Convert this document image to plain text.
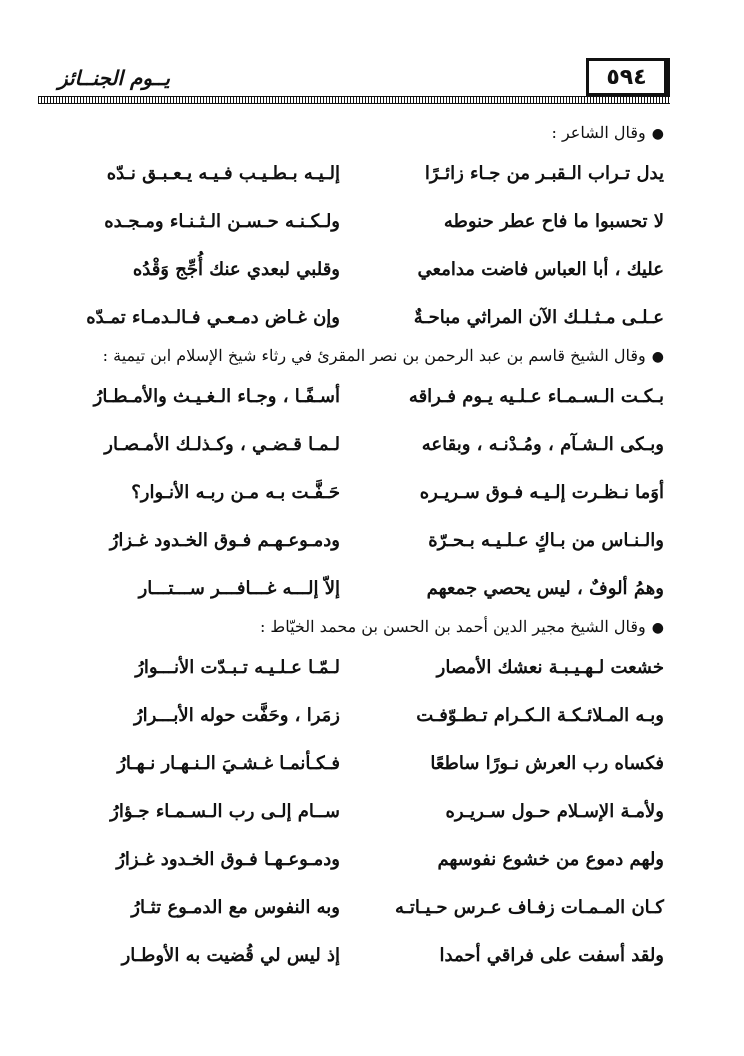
يــوم الجنــائز	٥٩٤

●وقال الشاعر :

يدل تـراب الـقبـر من جـاء زائـرًا
إلـيـه بـطـيـب فـيـه يـعـبـق نـدّه
لا تحسبوا ما فاح عطر حنوطه
ولـكـنـه حـسـن الـثـنـاء ومـجـده
عليك ، أبا العباس فاضت مدامعي
وقلبي لبعدي عنك أُجِّج وَقْدُه
عـلـى مـثـلـك الآن المراثي مباحـةٌ
وإن غـاض دمـعـي فـالـدمـاء تمـدّه

●وقال الشيخ قاسم بن عبد الرحمن بن نصر المقرئ في رثاء شيخ الإسلام ابن تيمية :

بـكـت الـسـمـاء عـلـيه يـوم فـراقه
أسـفًـا ، وجـاء الـغـيـث والأمـطـارُ
وبـكى الـشـآم ، ومُـدْنـه ، وبقاعه
لـمـا قـضـي ، وكـذلـك الأمـصـار
أوَما نـظـرت إلـيـه فـوق سـريـره
حَـفَّـت بـه مـن ربـه الأنـوار؟
والـنـاس من بـاكٍ عـلـيـه بـحـرّة
ودمـوعـهـم فـوق الخـدود غـزارُ
وهمُ ألوفٌ ، ليس يحصي جمعهم
إلاّ إلـــه غـــافـــر ســـتـــار

●وقال الشيخ مجير الدين أحمد بن الحسن بن محمد الخيّاط :

خشعت لـهـيـبـة نعشك الأمصار
لـمّـا عـلـيـه تـبـدّت الأنـــوارُ
وبـه المـلائـكـة الـكـرام تـطـوّفـت
زمَرا ، وحَفَّت حوله الأبـــرارُ
فكساه رب العرش نـورًا ساطعًا
فـكـأنمـا غـشـيَ الـنـهـار نـهـارُ
ولأمـة الإسـلام حـول سـريـره
ســام إلـى رب الـسـمـاء جـؤارُ
ولهم دموع من خشوع نفوسهم
ودمـوعـهـا فـوق الخـدود غـزارُ
كـان المـمـات زفـاف عـرس حـيـاتـه
وبه النفوس مع الدمـوع تثـارُ
ولقد أسفت على فراقي أحمدا
إذ ليس لي قُضيت به الأوطـار
